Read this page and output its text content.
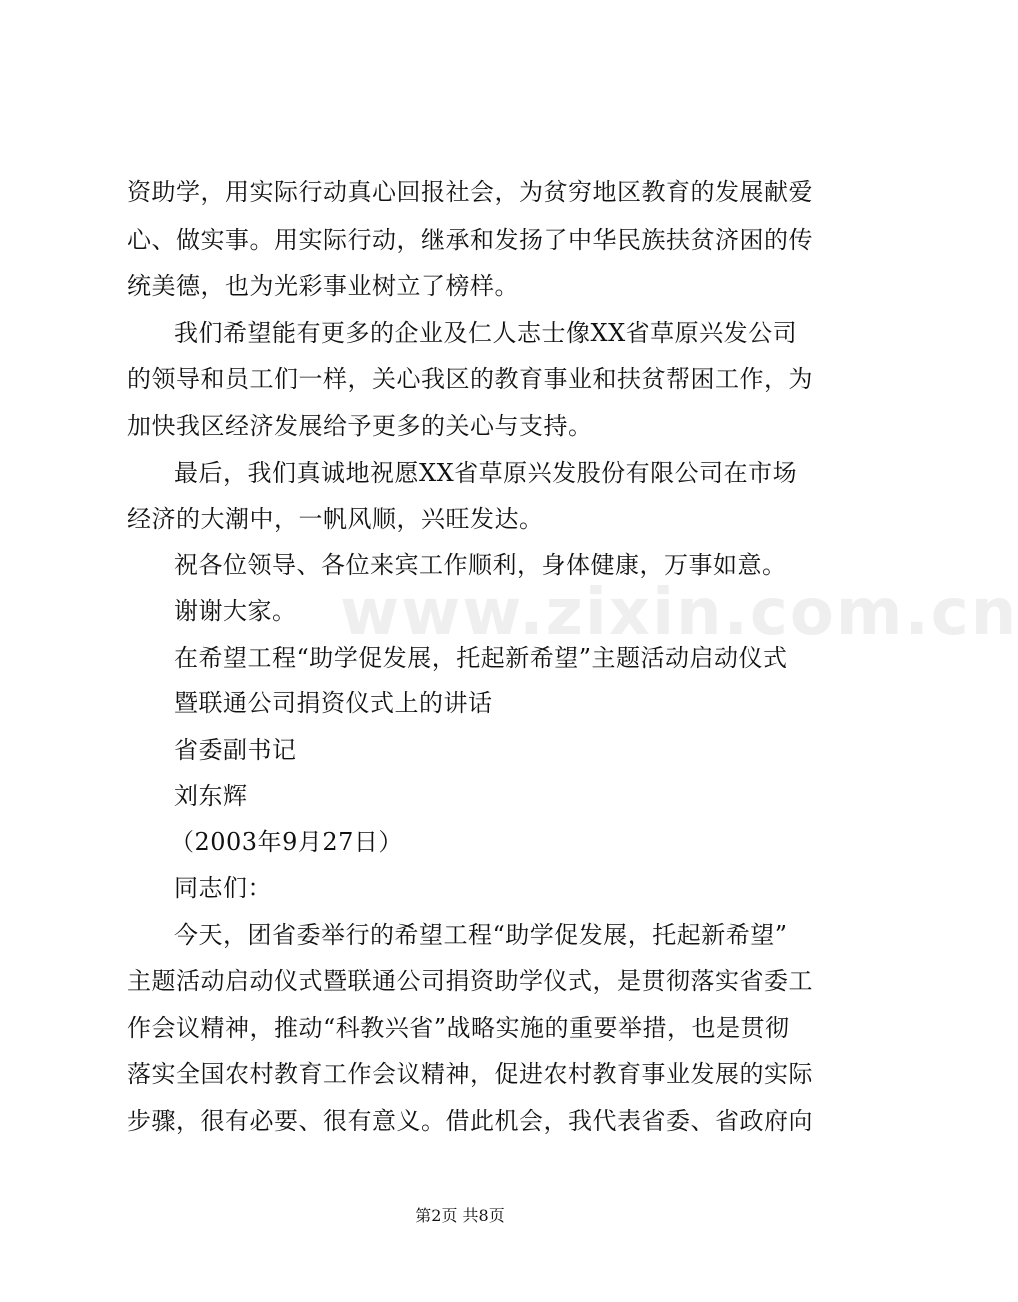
www.zixin.com.cn
资助学，用实际行动真心回报社会，为贫穷地区教育的发展献爱
心、做实事。用实际行动，继承和发扬了中华民族扶贫济困的传
统美德，也为光彩事业树立了榜样。
我们希望能有更多的企业及仁人志士像XX省草原兴发公司
的领导和员工们一样，关心我区的教育事业和扶贫帮困工作，为
加快我区经济发展给予更多的关心与支持。
最后，我们真诚地祝愿XX省草原兴发股份有限公司在市场
经济的大潮中，一帆风顺，兴旺发达。
祝各位领导、各位来宾工作顺利，身体健康，万事如意。
谢谢大家。
在希望工程“助学促发展，托起新希望”主题活动启动仪式
暨联通公司捐资仪式上的讲话
省委副书记
刘东辉
（2003年9月27日）
同志们：
今天，团省委举行的希望工程“助学促发展，托起新希望”
主题活动启动仪式暨联通公司捐资助学仪式，是贯彻落实省委工
作会议精神，推动“科教兴省”战略实施的重要举措，也是贯彻
落实全国农村教育工作会议精神，促进农村教育事业发展的实际
步骤，很有必要、很有意义。借此机会，我代表省委、省政府向
第2页 共8页
